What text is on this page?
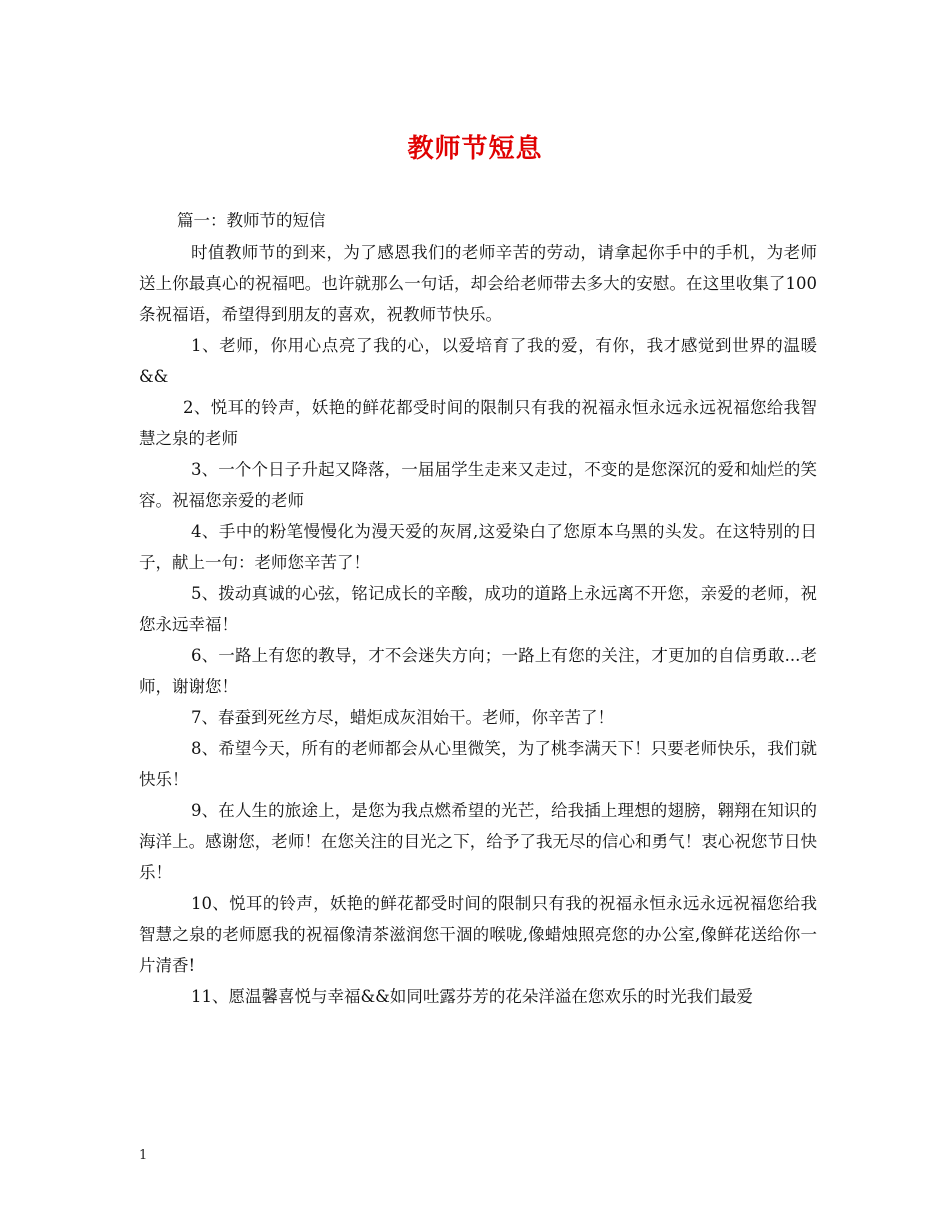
教师节短息

篇一：教师节的短信

时值教师节的到来，为了感恩我们的老师辛苦的劳动，请拿起你手中的手机，为老师送上你最真心的祝福吧。也许就那么一句话，却会给老师带去多大的安慰。在这里收集了100条祝福语，希望得到朋友的喜欢，祝教师节快乐。

1、老师，你用心点亮了我的心，以爱培育了我的爱，有你，我才感觉到世界的温暖&&

2、悦耳的铃声，妖艳的鲜花都受时间的限制只有我的祝福永恒永远永远祝福您给我智慧之泉的老师

3、一个个日子升起又降落，一届届学生走来又走过，不变的是您深沉的爱和灿烂的笑容。祝福您亲爱的老师

4、手中的粉笔慢慢化为漫天爱的灰屑,这爱染白了您原本乌黑的头发。在这特别的日子，献上一句：老师您辛苦了！

5、拨动真诚的心弦，铭记成长的辛酸，成功的道路上永远离不开您，亲爱的老师，祝您永远幸福！

6、一路上有您的教导，才不会迷失方向；一路上有您的关注，才更加的自信勇敢...老师，谢谢您！

7、春蚕到死丝方尽，蜡炬成灰泪始干。老师，你辛苦了！

8、希望今天，所有的老师都会从心里微笑，为了桃李满天下！只要老师快乐，我们就快乐！

9、在人生的旅途上，是您为我点燃希望的光芒，给我插上理想的翅膀，翱翔在知识的海洋上。感谢您，老师！在您关注的目光之下，给予了我无尽的信心和勇气！衷心祝您节日快乐！

10、悦耳的铃声，妖艳的鲜花都受时间的限制只有我的祝福永恒永远永远祝福您给我智慧之泉的老师愿我的祝福像清茶滋润您干涸的喉咙,像蜡烛照亮您的办公室,像鲜花送给你一片清香!

11、愿温馨喜悦与幸福&&如同吐露芬芳的花朵洋溢在您欢乐的时光我们最爱

1
